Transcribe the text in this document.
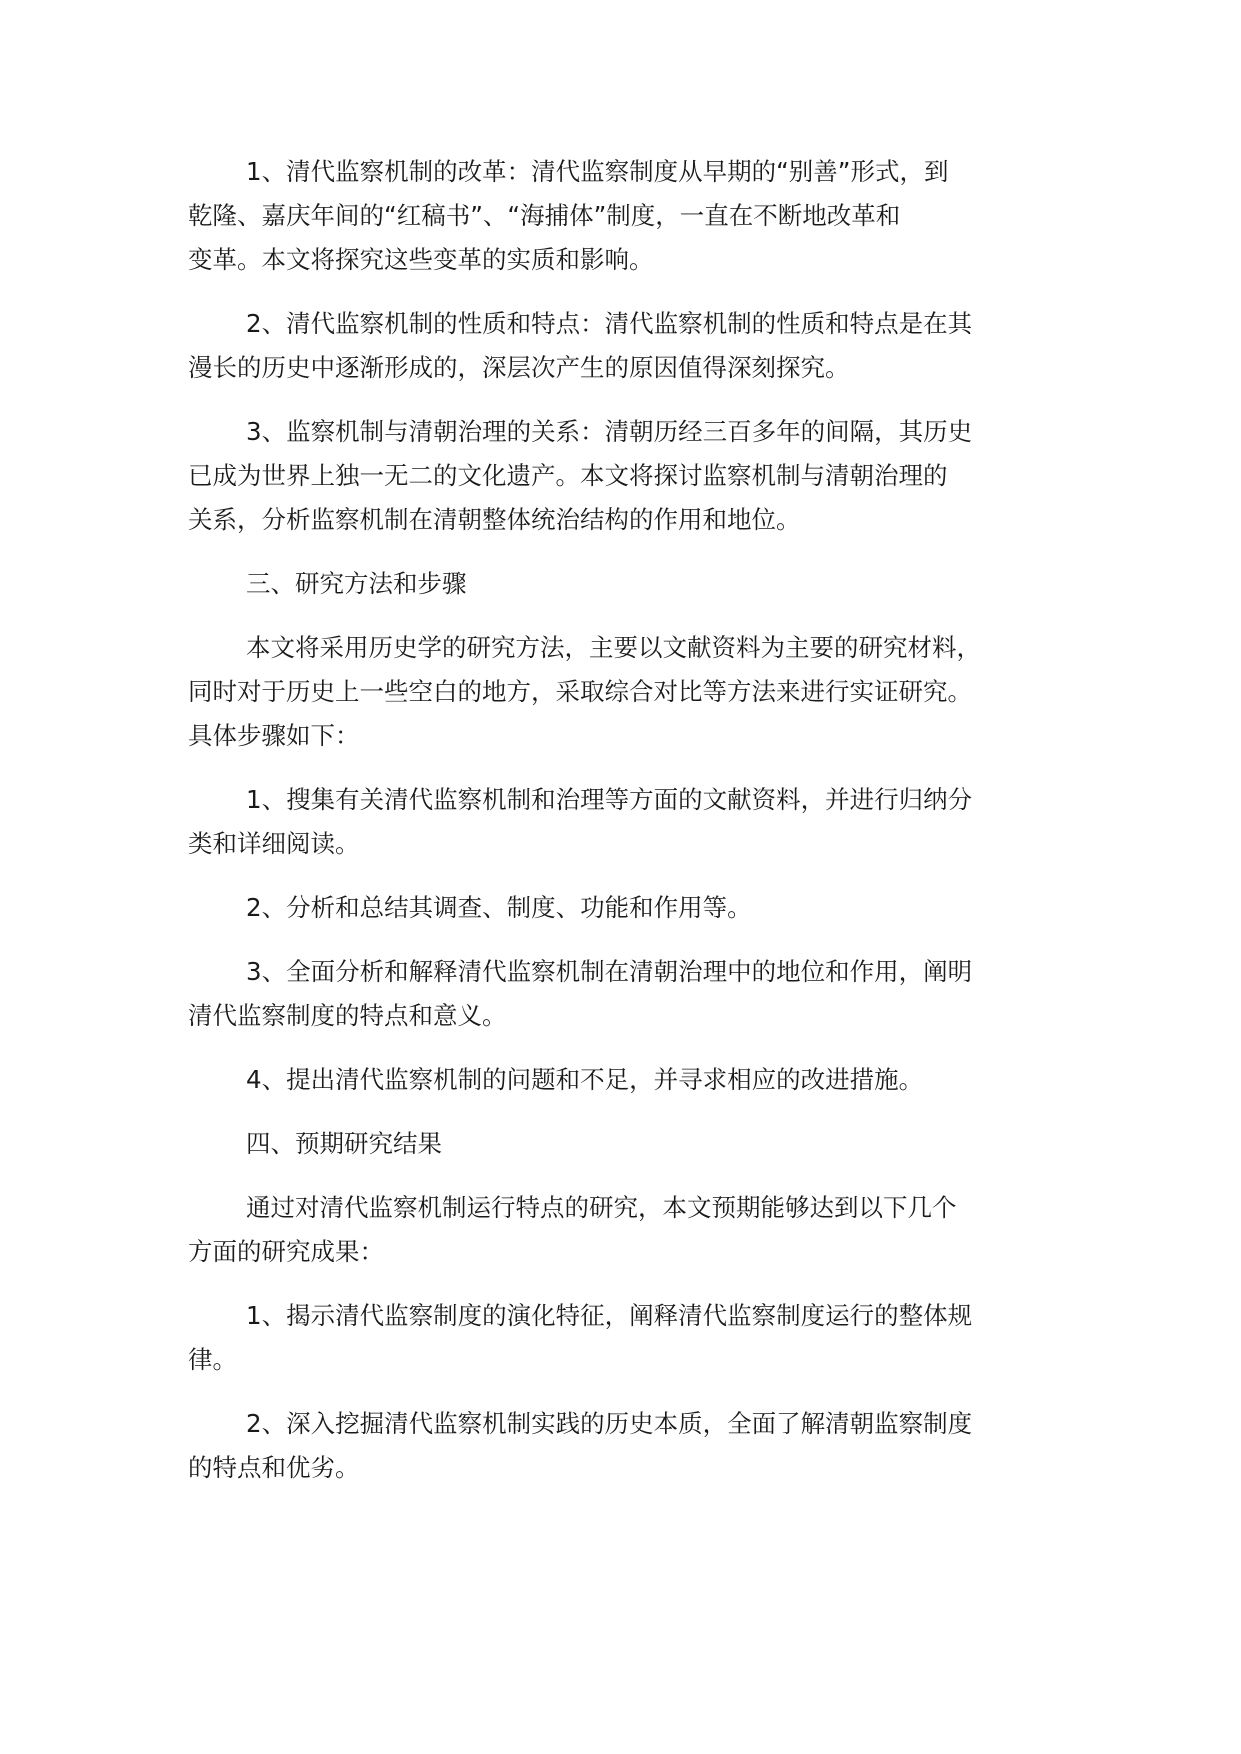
1、清代监察机制的改革：清代监察制度从早期的“别善”形式，到
乾隆、嘉庆年间的“红稿书”、“海捕体”制度，一直在不断地改革和
变革。本文将探究这些变革的实质和影响。

2、清代监察机制的性质和特点：清代监察机制的性质和特点是在其
漫长的历史中逐渐形成的，深层次产生的原因值得深刻探究。

3、监察机制与清朝治理的关系：清朝历经三百多年的间隔，其历史
已成为世界上独一无二的文化遗产。本文将探讨监察机制与清朝治理的
关系，分析监察机制在清朝整体统治结构的作用和地位。

三、研究方法和步骤

本文将采用历史学的研究方法，主要以文献资料为主要的研究材料，
同时对于历史上一些空白的地方，采取综合对比等方法来进行实证研究。
具体步骤如下：

1、搜集有关清代监察机制和治理等方面的文献资料，并进行归纳分
类和详细阅读。

2、分析和总结其调查、制度、功能和作用等。

3、全面分析和解释清代监察机制在清朝治理中的地位和作用，阐明
清代监察制度的特点和意义。

4、提出清代监察机制的问题和不足，并寻求相应的改进措施。

四、预期研究结果

通过对清代监察机制运行特点的研究，本文预期能够达到以下几个
方面的研究成果：

1、揭示清代监察制度的演化特征，阐释清代监察制度运行的整体规
律。

2、深入挖掘清代监察机制实践的历史本质，全面了解清朝监察制度
的特点和优劣。
